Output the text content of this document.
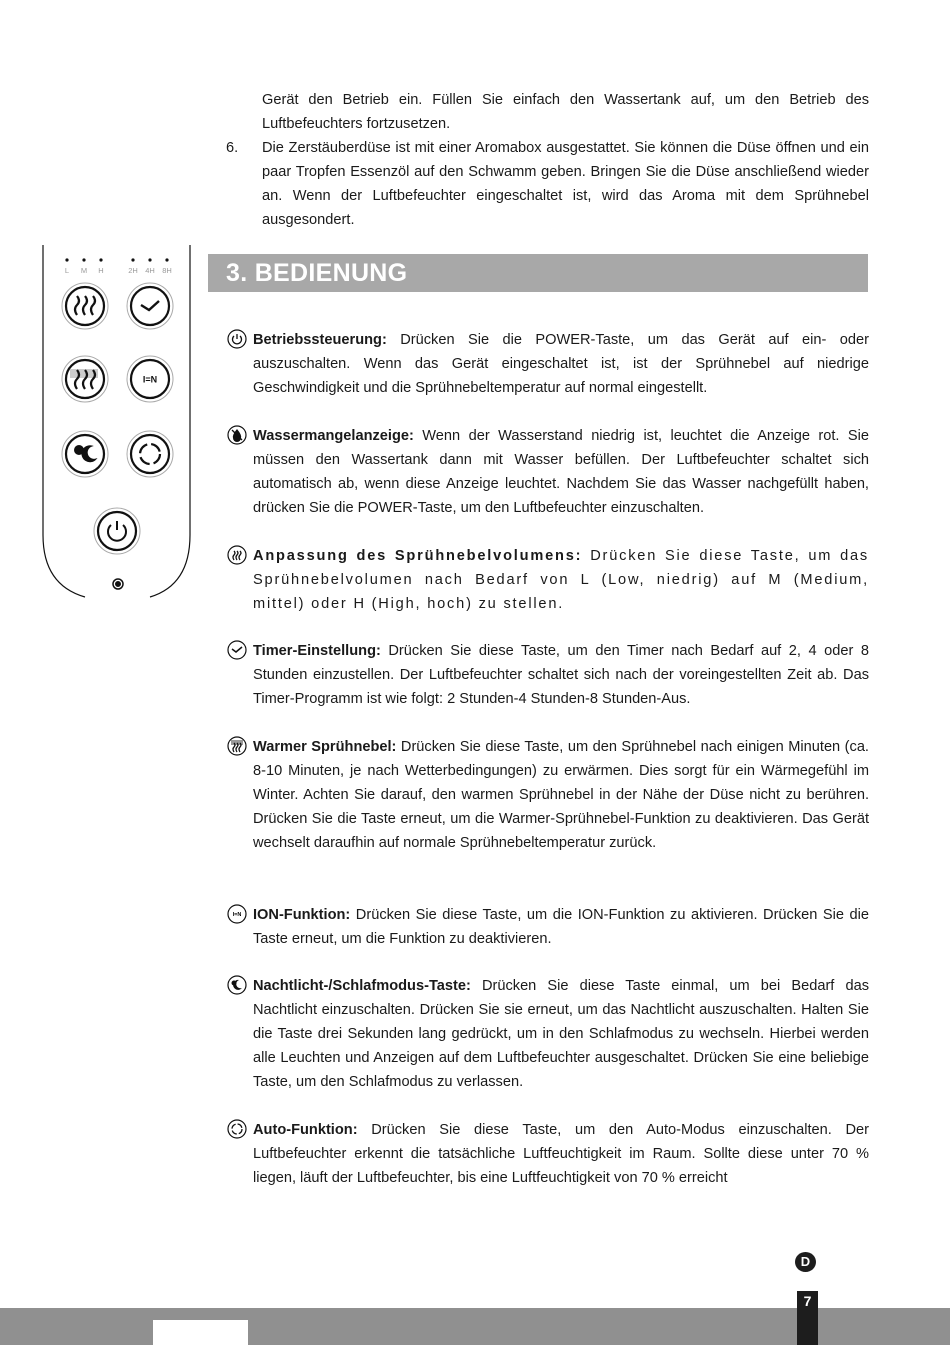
Gerät den Betrieb ein. Füllen Sie einfach den Wassertank auf, um den Betrieb des Luftbefeuchters fortzusetzen.
6. Die Zerstäuberdüse ist mit einer Aromabox ausgestattet. Sie können die Düse öffnen und ein paar Tropfen Essenzöl auf den Schwamm geben. Bringen Sie die Düse anschließend wieder an. Wenn der Luftbefeuchter eingeschaltet ist, wird das Aroma mit dem Sprühnebel ausgesondert.
3. BEDIENUNG
L M H	2H 4H 8H
I=N
Betriebssteuerung: Drücken Sie die POWER-Taste, um das Gerät auf ein- oder auszuschalten. Wenn das Gerät eingeschaltet ist, ist der Sprühnebel auf niedrige Geschwindigkeit und die Sprühnebeltemperatur auf normal eingestellt.
Wassermangelanzeige: Wenn der Wasserstand niedrig ist, leuchtet die Anzeige rot. Sie müssen den Wassertank dann mit Wasser befüllen. Der Luftbefeuchter schaltet sich automatisch ab, wenn diese Anzeige leuchtet. Nachdem Sie das Wasser nachgefüllt haben, drücken Sie die POWER-Taste, um den Luftbefeuchter einzuschalten.
Anpassung des Sprühnebelvolumens: Drücken Sie diese Taste, um das Sprühnebelvolumen nach Bedarf von L (Low, niedrig) auf M (Medium, mittel) oder H (High, hoch) zu stellen.
Timer-Einstellung: Drücken Sie diese Taste, um den Timer nach Bedarf auf 2, 4 oder 8 Stunden einzustellen. Der Luftbefeuchter schaltet sich nach der voreingestellten Zeit ab. Das Timer-Programm ist wie folgt: 2 Stunden-4 Stunden-8 Stunden-Aus.
Warmer Sprühnebel: Drücken Sie diese Taste, um den Sprühnebel nach einigen Minuten (ca. 8-10 Minuten, je nach Wetterbedingungen) zu erwärmen. Dies sorgt für ein Wärmegefühl im Winter. Achten Sie darauf, den warmen Sprühnebel in der Nähe der Düse nicht zu berühren. Drücken Sie die Taste erneut, um die Warmer-Sprühnebel-Funktion zu deaktivieren. Das Gerät wechselt daraufhin auf normale Sprühnebeltemperatur zurück.
I=N ION-Funktion: Drücken Sie diese Taste, um die ION-Funktion zu aktivieren. Drücken Sie die Taste erneut, um die Funktion zu deaktivieren.
Nachtlicht-/Schlafmodus-Taste: Drücken Sie diese Taste einmal, um bei Bedarf das Nachtlicht einzuschalten. Drücken Sie sie erneut, um das Nachtlicht auszuschalten. Halten Sie die Taste drei Sekunden lang gedrückt, um in den Schlafmodus zu wechseln. Hierbei werden alle Leuchten und Anzeigen auf dem Luftbefeuchter ausgeschaltet. Drücken Sie eine beliebige Taste, um den Schlafmodus zu verlassen.
Auto-Funktion: Drücken Sie diese Taste, um den Auto-Modus einzuschalten. Der Luftbefeuchter erkennt die tatsächliche Luftfeuchtigkeit im Raum. Sollte diese unter 70 % liegen, läuft der Luftbefeuchter, bis eine Luftfeuchtigkeit von 70 % erreicht
D
7
